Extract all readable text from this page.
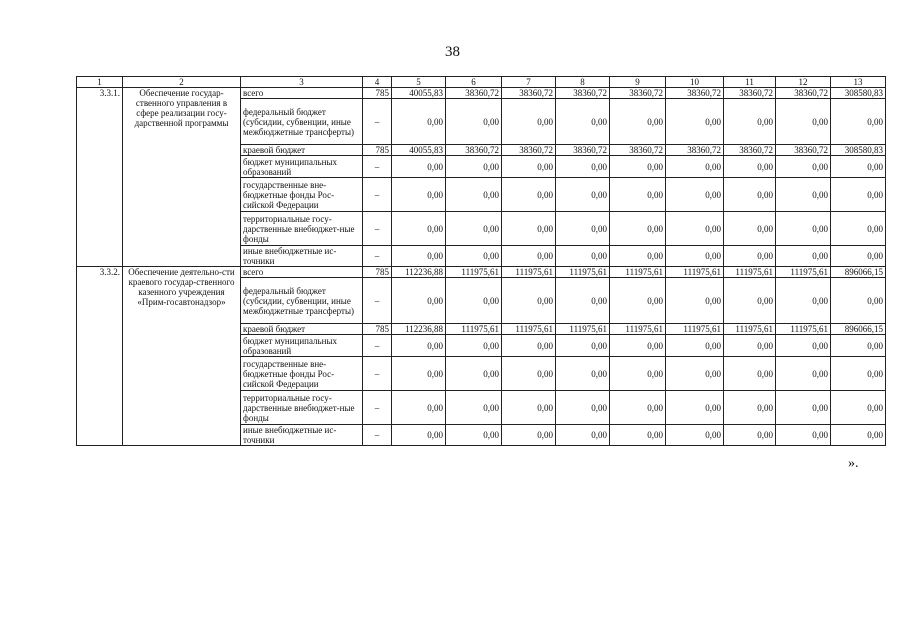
38
1	2	3	4	5	6	7	8	9	10	11	12	13
3.3.1.	Обеспечение государ-ственного управления в сфере реализации госу-дарственной программы	всего	785	40055,83	38360,72	38360,72	38360,72	38360,72	38360,72	38360,72	38360,72	308580,83
		федеральный бюджет (субсидии, субвенции, иные межбюджетные трансферты)	–	0,00	0,00	0,00	0,00	0,00	0,00	0,00	0,00	0,00
		краевой бюджет	785	40055,83	38360,72	38360,72	38360,72	38360,72	38360,72	38360,72	38360,72	308580,83
		бюджет муниципальных образований	–	0,00	0,00	0,00	0,00	0,00	0,00	0,00	0,00	0,00
		государственные вне-бюджетные фонды Рос-сийской Федерации	–	0,00	0,00	0,00	0,00	0,00	0,00	0,00	0,00	0,00
		территориальные госу-дарственные внебюджет-ные фонды	–	0,00	0,00	0,00	0,00	0,00	0,00	0,00	0,00	0,00
		иные внебюджетные ис-точники	–	0,00	0,00	0,00	0,00	0,00	0,00	0,00	0,00	0,00
3.3.2.	Обеспечение деятельно-сти краевого государ-ственного казенного учреждения «Прим-госавтонадзор»	всего	785	112236,88	111975,61	111975,61	111975,61	111975,61	111975,61	111975,61	111975,61	896066,15
		федеральный бюджет (субсидии, субвенции, иные межбюджетные трансферты)	–	0,00	0,00	0,00	0,00	0,00	0,00	0,00	0,00	0,00
		краевой бюджет	785	112236,88	111975,61	111975,61	111975,61	111975,61	111975,61	111975,61	111975,61	896066,15
		бюджет муниципальных образований	–	0,00	0,00	0,00	0,00	0,00	0,00	0,00	0,00	0,00
		государственные вне-бюджетные фонды Рос-сийской Федерации	–	0,00	0,00	0,00	0,00	0,00	0,00	0,00	0,00	0,00
		территориальные госу-дарственные внебюджет-ные фонды	–	0,00	0,00	0,00	0,00	0,00	0,00	0,00	0,00	0,00
		иные внебюджетные ис-точники	–	0,00	0,00	0,00	0,00	0,00	0,00	0,00	0,00	0,00
».
